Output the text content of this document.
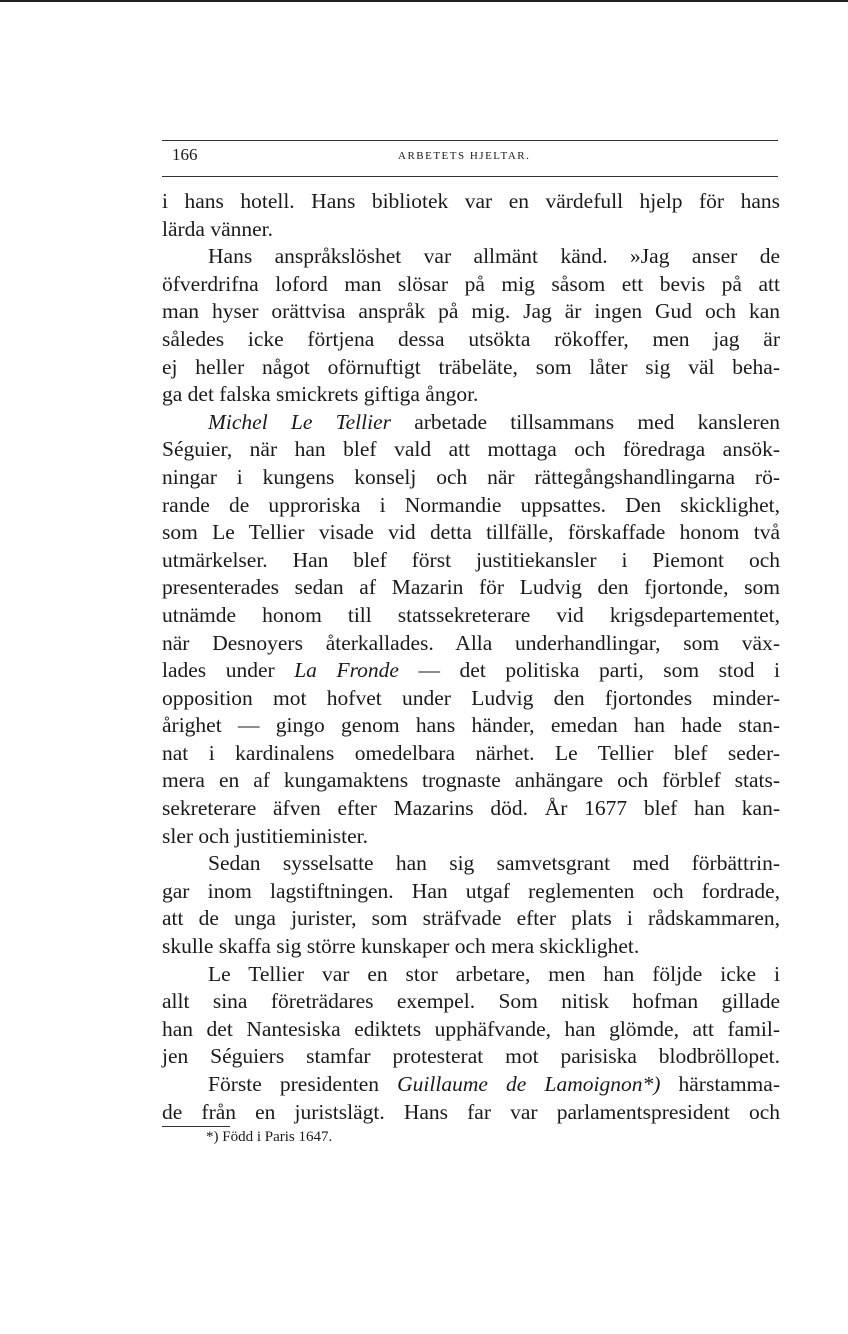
166	ARBETETS HJELTAR.
i hans hotell. Hans bibliotek var en värdefull hjelp för hans
lärda vänner.
Hans anspråkslöshet var allmänt känd. »Jag anser de
öfverdrifna loford man slösar på mig såsom ett bevis på att
man hyser orättvisa anspråk på mig. Jag är ingen Gud och kan
således icke förtjena dessa utsökta rökoffer, men jag är
ej heller något oförnuftigt träbeläte, som låter sig väl beha-
ga det falska smickrets giftiga ångor.
Michel Le Tellier arbetade tillsammans med kansleren
Séguier, när han blef vald att mottaga och föredraga ansök-
ningar i kungens konselj och när rättegångshandlingarna rö-
rande de upproriska i Normandie uppsattes. Den skicklighet,
som Le Tellier visade vid detta tillfälle, förskaffade honom två
utmärkelser. Han blef först justitiekansler i Piemont och
presenterades sedan af Mazarin för Ludvig den fjortonde, som
utnämde honom till statssekreterare vid krigsdepartementet,
när Desnoyers återkallades. Alla underhandlingar, som väx-
lades under La Fronde — det politiska parti, som stod i
opposition mot hofvet under Ludvig den fjortondes minder-
årighet — gingo genom hans händer, emedan han hade stan-
nat i kardinalens omedelbara närhet. Le Tellier blef seder-
mera en af kungamaktens trognaste anhängare och förblef stats-
sekreterare äfven efter Mazarins död. År 1677 blef han kan-
sler och justitieminister.
Sedan sysselsatte han sig samvetsgrant med förbättrin-
gar inom lagstiftningen. Han utgaf reglementen och fordrade,
att de unga jurister, som sträfvade efter plats i rådskammaren,
skulle skaffa sig större kunskaper och mera skicklighet.
Le Tellier var en stor arbetare, men han följde icke i
allt sina företrädares exempel. Som nitisk hofman gillade
han det Nantesiska ediktets upphäfvande, han glömde, att famil-
jen Séguiers stamfar protesterat mot parisiska blodbröllopet.
Förste presidenten Guillaume de Lamoignon*) härstamma-
de från en juristslägt. Hans far var parlamentspresident och
*) Född i Paris 1647.
